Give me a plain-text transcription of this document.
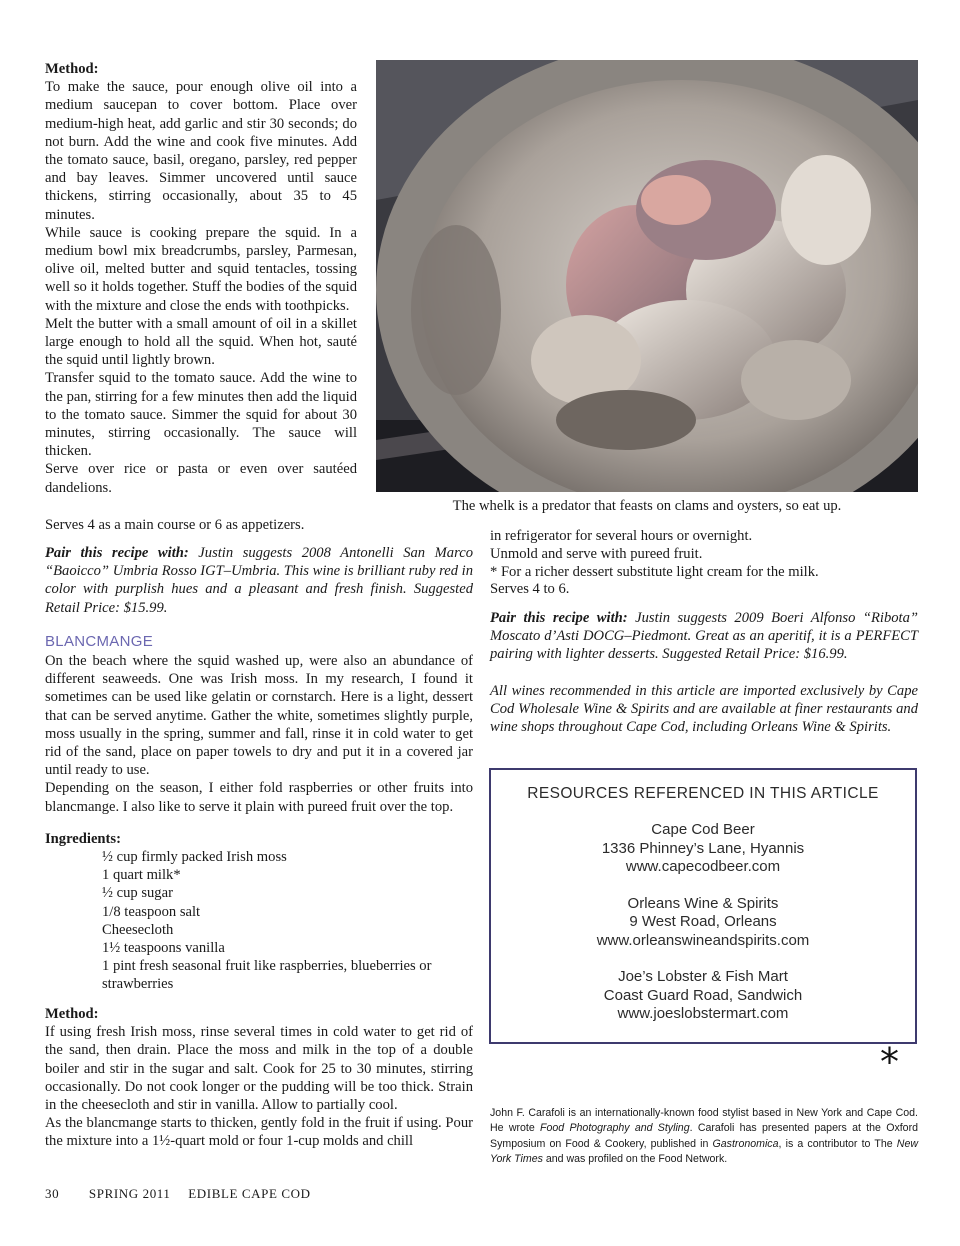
Method:

To make the sauce, pour enough olive oil into a medium saucepan to cover bottom. Place over medium-high heat, add garlic and stir 30 seconds; do not burn. Add the wine and cook five minutes. Add the tomato sauce, basil, oregano, parsley, red pepper and bay leaves. Simmer uncovered until sauce thickens, stirring occasionally, about 35 to 45 minutes.

While sauce is cooking prepare the squid. In a medium bowl mix breadcrumbs, parsley, Parmesan, olive oil, melted butter and squid tentacles, tossing well so it holds together. Stuff the bodies of the squid with the mixture and close the ends with toothpicks.

Melt the butter with a small amount of oil in a skillet large enough to hold all the squid. When hot, sauté the squid until lightly brown.

Transfer squid to the tomato sauce. Add the wine to the pan, stirring for a few minutes then add the liquid to the tomato sauce. Simmer the squid for about 30 minutes, stirring occasionally. The sauce will thicken.

Serve over rice or pasta or even over sautéed dandelions.

Serves 4 as a main course or 6 as appetizers.

Pair this recipe with: Justin suggests 2008 Antonelli San Marco “Baoicco” Umbria Rosso IGT–Umbria. This wine is brilliant ruby red in color with purplish hues and a pleasant and fresh finish. Suggested Retail Price: $15.99.

BLANCMANGE

On the beach where the squid washed up, were also an abundance of different seaweeds. One was Irish moss. In my research, I found it sometimes can be used like gelatin or cornstarch. Here is a light, dessert that can be served anytime. Gather the white, sometimes slightly purple, moss usually in the spring, summer and fall, rinse it in cold water to get rid of the sand, place on paper towels to dry and put it in a covered jar until ready to use.

Depending on the season, I either fold raspberries or other fruits into blancmange. I also like to serve it plain with pureed fruit over the top.

Ingredients:

½ cup firmly packed Irish moss
1 quart milk*
½ cup sugar
1/8 teaspoon salt
Cheesecloth
1½ teaspoons vanilla
1 pint fresh seasonal fruit like raspberries, blueberries or strawberries

Method:

If using fresh Irish moss, rinse several times in cold water to get rid of the sand, then drain. Place the moss and milk in the top of a double boiler and stir in the sugar and salt. Cook for 25 to 30 minutes, stirring occasionally. Do not cook longer or the pudding will be too thick. Strain in the cheesecloth and stir in vanilla. Allow to partially cool.

As the blancmange starts to thicken, gently fold in the fruit if using. Pour the mixture into a 1½-quart mold or four 1-cup molds and chill

The whelk is a predator that feasts on clams and oysters, so eat up.
in refrigerator for several hours or overnight.
Unmold and serve with pureed fruit.
* For a richer dessert substitute light cream for the milk.
Serves 4 to 6.

Pair this recipe with: Justin suggests 2009 Boeri Alfonso “Ribota” Moscato d’Asti DOCG–Piedmont. Great as an aperitif, it is a PERFECT pairing with lighter desserts. Suggested Retail Price: $16.99.

All wines recommended in this article are imported exclusively by Cape Cod Wholesale Wine & Spirits and are available at finer restaurants and wine shops throughout Cape Cod, including Orleans Wine & Spirits.

RESOURCES REFERENCED IN THIS ARTICLE
Cape Cod Beer
1336 Phinney’s Lane, Hyannis
www.capecodbeer.com
Orleans Wine & Spirits
9 West Road, Orleans
www.orleanswineandspirits.com
Joe’s Lobster & Fish Mart
Coast Guard Road, Sandwich
www.joeslobstermart.com
*

John F. Carafoli is an internationally-known food stylist based in New York and Cape Cod. He wrote Food Photography and Styling. Carafoli has presented papers at the Oxford Symposium on Food & Cookery, published in Gastronomica, is a contributor to The New York Times and was profiled on the Food Network.

30 SPRING 2011 EDIBLE CAPE COD
